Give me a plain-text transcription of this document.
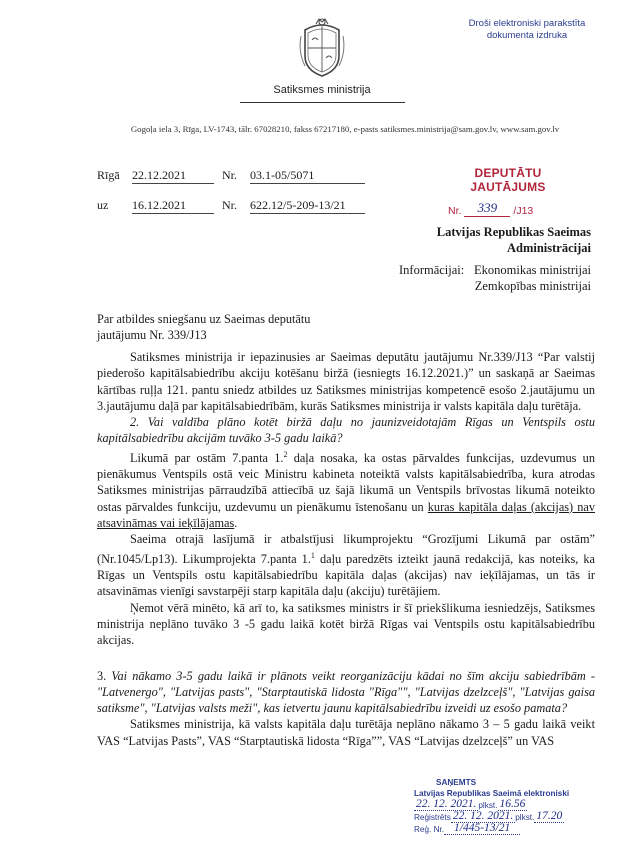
Droši elektroniski parakstīta
dokumenta izdruka
Satiksmes ministrija
Gogoļa iela 3, Rīga, LV-1743, tālr. 67028210, fakss 67217180, e-pasts satiksmes.ministrija@sam.gov.lv, www.sam.gov.lv
Rīgā 22.12.2021	Nr. 03.1-05/5071
uz 16.12.2021	Nr. 622.12/5-209-13/21
DEPUTĀTU JAUTĀJUMS
Nr.	339	/J13
Latvijas Republikas Saeimas
Administrācijai
Informācijai: Ekonomikas ministrijai
Zemkopības ministrijai
Par atbildes sniegšanu uz Saeimas deputātu
jautājumu Nr. 339/J13

Satiksmes ministrija ir iepazinusies ar Saeimas deputātu jautājumu Nr.339/J13 “Par valstij piederošo kapitālsabiedrību akciju kotēšanu biržā (iesniegts 16.12.2021.)” un saskaņā ar Saeimas kārtības ruļļa 121. pantu sniedz atbildes uz Satiksmes ministrijas kompetencē esošo 2.jautājumu un 3.jautājumu daļā par kapitālsabiedrībām, kurās Satiksmes ministrija ir valsts kapitāla daļu turētāja.

2. Vai valdība plāno kotēt biržā daļu no jaunizveidotajām Rīgas un Ventspils ostu kapitālsabiedrību akcijām tuvāko 3-5 gadu laikā?

Likumā par ostām 7.panta 1.$^2$ daļa nosaka, ka ostas pārvaldes funkcijas, uzdevumus un pienākumus Ventspils ostā veic Ministru kabineta noteiktā valsts kapitālsabiedrība, kura atrodas Satiksmes ministrijas pārraudzībā attiecībā uz šajā likumā un Ventspils brīvostas likumā noteikto ostas pārvaldes funkciju, uzdevumu un pienākumu īstenošanu un kuras kapitāla daļas (akcijas) nav atsavināmas vai ieķīlājamas.

Saeima otrajā lasījumā ir atbalstījusi likumprojektu “Grozījumi Likumā par ostām” (Nr.1045/Lp13). Likumprojekta 7.panta 1.$^1$ daļu paredzēts izteikt jaunā redakcijā, kas noteiks, ka Rīgas un Ventspils ostu kapitālsabiedrību kapitāla daļas (akcijas) nav ieķīlājamas, un tās ir atsavināmas vienīgi savstarpēji starp kapitāla daļu (akciju) turētājiem.

Ņemot vērā minēto, kā arī to, ka satiksmes ministrs ir šī priekšlikuma iesniedzējs, Satiksmes ministrija neplāno tuvāko 3 -5 gadu laikā kotēt biržā Rīgas vai Ventspils ostu kapitālsabiedrību akcijas.

3. Vai nākamo 3-5 gadu laikā ir plānots veikt reorganizāciju kādai no šīm akciju sabiedrībām - "Latvenergo", "Latvijas pasts", "Starptautiskā lidosta "Rīga"", "Latvijas dzelzceļš", "Latvijas gaisa satiksme", "Latvijas valsts meži", kas ietvertu jaunu kapitālsabiedrību izveidi uz esošo pamata?

Satiksmes ministrija, kā valsts kapitāla daļu turētāja neplāno nākamo 3 – 5 gadu laikā veikt VAS “Latvijas Pasts”, VAS “Starptautiskā lidosta “Rīga””, VAS “Latvijas dzelzceļš” un VAS

SAŅEMTS
Latvijas Republikas Saeimā elektroniski
22. 12. 2021. plkst. 16.56
Reģistrēts 22. 12. 2021. plkst. 17.20
Reģ. Nr. 1/445-13/21
